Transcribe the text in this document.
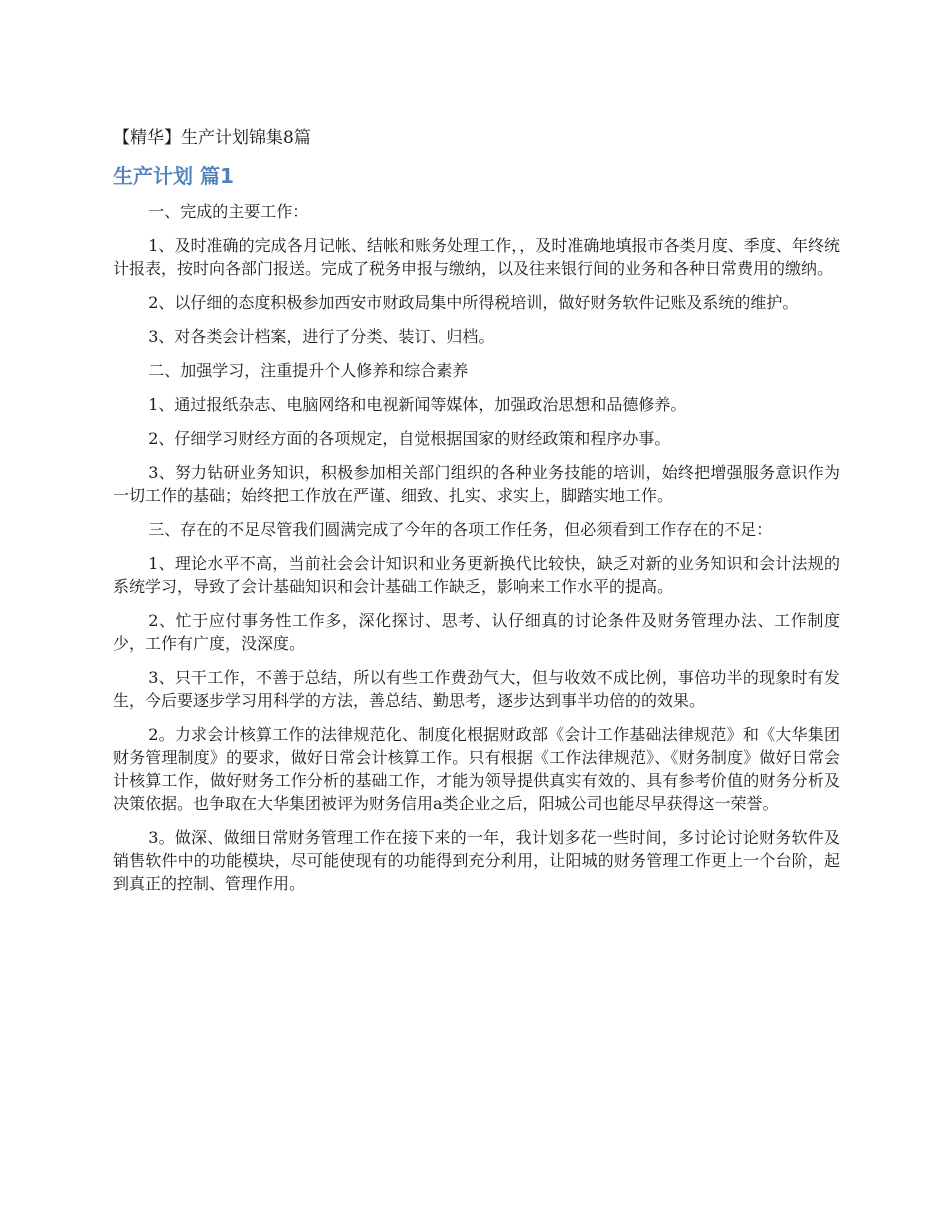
【精华】生产计划锦集8篇

生产计划 篇1

一、完成的主要工作：

1、及时准确的完成各月记帐、结帐和账务处理工作，，及时准确地填报市各类月度、季度、年终统计报表，按时向各部门报送。完成了税务申报与缴纳，以及往来银行间的业务和各种日常费用的缴纳。

2、以仔细的态度积极参加西安市财政局集中所得税培训，做好财务软件记账及系统的维护。

3、对各类会计档案，进行了分类、装订、归档。

二、加强学习，注重提升个人修养和综合素养

1、通过报纸杂志、电脑网络和电视新闻等媒体，加强政治思想和品德修养。

2、仔细学习财经方面的各项规定，自觉根据国家的财经政策和程序办事。

3、努力钻研业务知识，积极参加相关部门组织的各种业务技能的培训，始终把增强服务意识作为一切工作的基础；始终把工作放在严谨、细致、扎实、求实上，脚踏实地工作。

三、存在的不足尽管我们圆满完成了今年的各项工作任务，但必须看到工作存在的不足：

1、理论水平不高，当前社会会计知识和业务更新换代比较快，缺乏对新的业务知识和会计法规的系统学习，导致了会计基础知识和会计基础工作缺乏，影响来工作水平的提高。

2、忙于应付事务性工作多，深化探讨、思考、认仔细真的讨论条件及财务管理办法、工作制度少，工作有广度，没深度。

3、只干工作，不善于总结，所以有些工作费劲气大，但与收效不成比例，事倍功半的现象时有发生，今后要逐步学习用科学的方法，善总结、勤思考，逐步达到事半功倍的的效果。

2。力求会计核算工作的法律规范化、制度化根据财政部《会计工作基础法律规范》和《大华集团财务管理制度》的要求，做好日常会计核算工作。只有根据《工作法律规范》、《财务制度》做好日常会计核算工作，做好财务工作分析的基础工作，才能为领导提供真实有效的、具有参考价值的财务分析及决策依据。也争取在大华集团被评为财务信用a类企业之后，阳城公司也能尽早获得这一荣誉。

3。做深、做细日常财务管理工作在接下来的一年，我计划多花一些时间，多讨论讨论财务软件及销售软件中的功能模块，尽可能使现有的功能得到充分利用，让阳城的财务管理工作更上一个台阶，起到真正的控制、管理作用。
